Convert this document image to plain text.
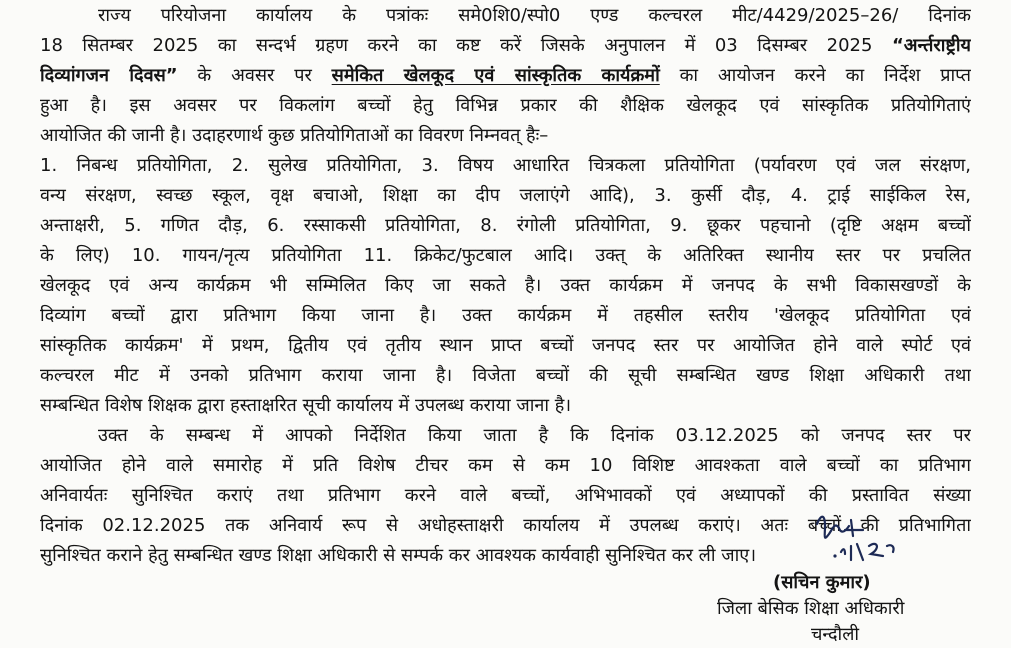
राज्य परियोजना कार्यालय के पत्रांकः समे0शि0/स्पो0 एण्ड कल्चरल मीट/4429/2025–26/ दिनांक
18 सितम्बर 2025 का सन्दर्भ ग्रहण करने का कष्ट करें जिसके अनुपालन में 03 दिसम्बर 2025 “अर्न्तराष्ट्रीय
दिव्यांगजन दिवस” के अवसर पर समेकित खेलकूद एवं सांस्कृतिक कार्यक्रमों का आयोजन करने का निर्देश प्राप्त
हुआ है। इस अवसर पर विकलांग बच्चों हेतु विभिन्न प्रकार की शैक्षिक खेलकूद एवं सांस्कृतिक प्रतियोगिताएं
आयोजित की जानी है। उदाहरणार्थ कुछ प्रतियोगिताओं का विवरण निम्नवत् हैः–
1. निबन्ध प्रतियोगिता, 2. सुलेख प्रतियोगिता, 3. विषय आधारित चित्रकला प्रतियोगिता (पर्यावरण एवं जल संरक्षण,
वन्य संरक्षण, स्वच्छ स्कूल, वृक्ष बचाओ, शिक्षा का दीप जलाएंगे आदि), 3. कुर्सी दौड़, 4. ट्राई साईकिल रेस,
अन्ताक्षरी, 5. गणित दौड़, 6. रस्साकसी प्रतियोगिता, 8. रंगोली प्रतियोगिता, 9. छूकर पहचानो (दृष्टि अक्षम बच्चों
के लिए) 10. गायन/नृत्य प्रतियोगिता 11. क्रिकेट/फुटबाल आदि। उक्त् के अतिरिक्त स्थानीय स्तर पर प्रचलित
खेलकूद एवं अन्य कार्यक्रम भी सम्मिलित किए जा सकते है। उक्त कार्यक्रम में जनपद के सभी विकासखण्डों के
दिव्यांग बच्चों द्वारा प्रतिभाग किया जाना है। उक्त कार्यक्रम में तहसील स्तरीय 'खेलकूद प्रतियोगिता एवं
सांस्कृतिक कार्यक्रम' में प्रथम, द्वितीय एवं तृतीय स्थान प्राप्त बच्चों जनपद स्तर पर आयोजित होने वाले स्पोर्ट एवं
कल्चरल मीट में उनको प्रतिभाग कराया जाना है। विजेता बच्चों की सूची सम्बन्धित खण्ड शिक्षा अधिकारी तथा
सम्बन्धित विशेष शिक्षक द्वारा हस्ताक्षरित सूची कार्यालय में उपलब्ध कराया जाना है।
उक्त के सम्बन्ध में आपको निर्देशित किया जाता है कि दिनांक 03.12.2025 को जनपद स्तर पर
आयोजित होने वाले समारोह में प्रति विशेष टीचर कम से कम 10 विशिष्ट आवश्कता वाले बच्चों का प्रतिभाग
अनिवार्यतः सुनिश्चित कराएं तथा प्रतिभाग करने वाले बच्चों, अभिभावकों एवं अध्यापकों की प्रस्तावित संख्या
दिनांक 02.12.2025 तक अनिवार्य रूप से अधोहस्ताक्षरी कार्यालय में उपलब्ध कराएं। अतः बच्चों की प्रतिभागिता
सुनिश्चित कराने हेतु सम्बन्धित खण्ड शिक्षा अधिकारी से सम्पर्क कर आवश्यक कार्यवाही सुनिश्चित कर ली जाए।
(सचिन कुमार)
जिला बेसिक शिक्षा अधिकारी
चन्दौली
